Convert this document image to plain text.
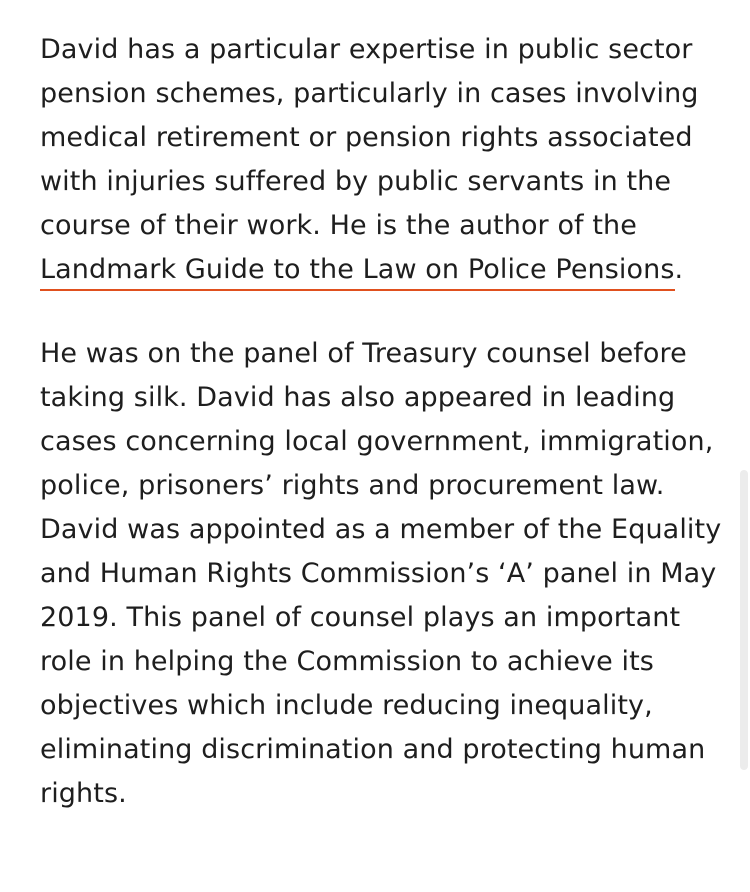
David has a particular expertise in public sector pension schemes, particularly in cases involving medical retirement or pension rights associated with injuries suffered by public servants in the course of their work. He is the author of the Landmark Guide to the Law on Police Pensions.

He was on the panel of Treasury counsel before taking silk. David has also appeared in leading cases concerning local government, immigration, police, prisoners’ rights and procurement law. David was appointed as a member of the Equality and Human Rights Commission’s ‘A’ panel in May 2019. This panel of counsel plays an important role in helping the Commission to achieve its objectives which include reducing inequality, eliminating discrimination and protecting human rights.
